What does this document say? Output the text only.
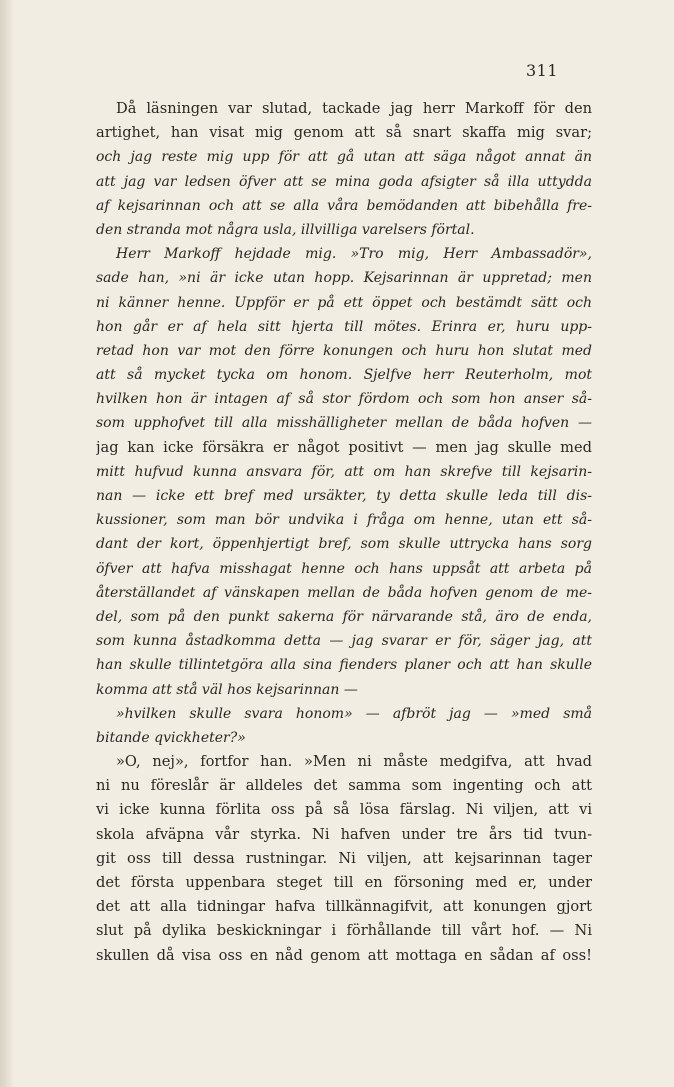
311
Då läsningen var slutad, tackade jag herr Markoff för den
artighet, han visat mig genom att så snart skaffa mig svar;
och jag reste mig upp för att gå utan att säga något annat än
att jag var ledsen öfver att se mina goda afsigter så illa uttydda
af kejsarinnan och att se alla våra bemödanden att bibehålla fre-
den stranda mot några usla, illvilliga varelsers förtal.
Herr Markoff hejdade mig. »Tro mig, Herr Ambassadör»,
sade han, »ni är icke utan hopp. Kejsarinnan är uppretad; men
ni känner henne. Uppför er på ett öppet och bestämdt sätt och
hon går er af hela sitt hjerta till mötes. Erinra er, huru upp-
retad hon var mot den förre konungen och huru hon slutat med
att så mycket tycka om honom. Sjelfve herr Reuterholm, mot
hvilken hon är intagen af så stor fördom och som hon anser så-
som upphofvet till alla misshälligheter mellan de båda hofven —
jag kan icke försäkra er något positivt — men jag skulle med
mitt hufvud kunna ansvara för, att om han skrefve till kejsarin-
nan — icke ett bref med ursäkter, ty detta skulle leda till dis-
kussioner, som man bör undvika i fråga om henne, utan ett så-
dant der kort, öppenhjertigt bref, som skulle uttrycka hans sorg
öfver att hafva misshagat henne och hans uppsåt att arbeta på
återställandet af vänskapen mellan de båda hofven genom de me-
del, som på den punkt sakerna för närvarande stå, äro de enda,
som kunna åstadkomma detta — jag svarar er för, säger jag, att
han skulle tillintetgöra alla sina fienders planer och att han skulle
komma att stå väl hos kejsarinnan —
»hvilken skulle svara honom» — afbröt jag — »med små
bitande qvickheter?»
»O, nej», fortfor han. »Men ni måste medgifva, att hvad
ni nu föreslår är alldeles det samma som ingenting och att
vi icke kunna förlita oss på så lösa färslag. Ni viljen, att vi
skola afväpna vår styrka. Ni hafven under tre års tid tvun-
git oss till dessa rustningar. Ni viljen, att kejsarinnan tager
det första uppenbara steget till en försoning med er, under
det att alla tidningar hafva tillkännagifvit, att konungen gjort
slut på dylika beskickningar i förhållande till vårt hof. — Ni
skullen då visa oss en nåd genom att mottaga en sådan af oss!
